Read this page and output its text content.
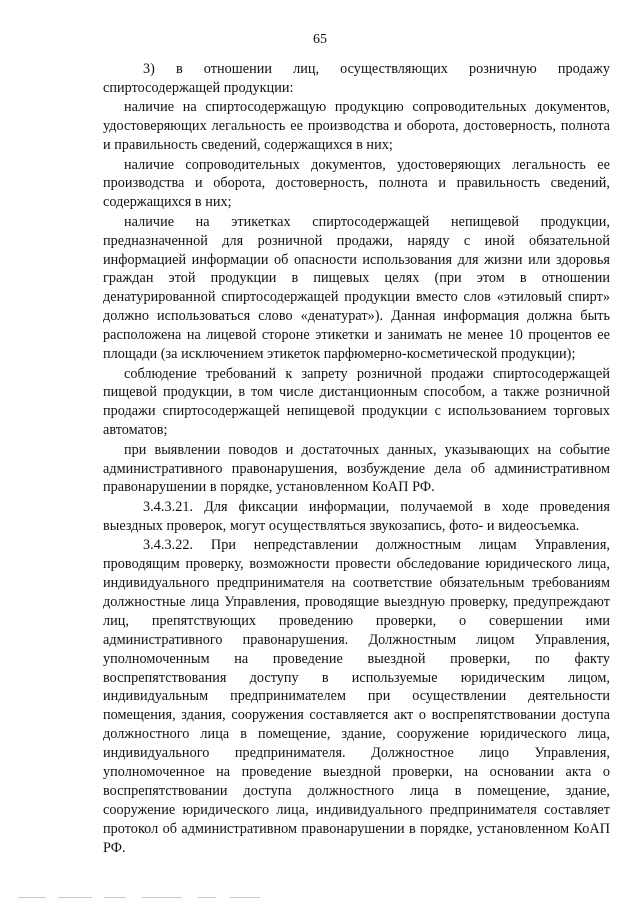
65

3) в отношении лиц, осуществляющих розничную продажу спиртосодержащей продукции:

наличие на спиртосодержащую продукцию сопроводительных документов, удостоверяющих легальность ее производства и оборота, достоверность, полнота и правильность сведений, содержащихся в них;

наличие сопроводительных документов, удостоверяющих легальность ее производства и оборота, достоверность, полнота и правильность сведений, содержащихся в них;

наличие на этикетках спиртосодержащей непищевой продукции, предназначенной для розничной продажи, наряду с иной обязательной информацией информации об опасности использования для жизни или здоровья граждан этой продукции в пищевых целях (при этом в отношении денатурированной спиртосодержащей продукции вместо слов «этиловый спирт» должно использоваться слово «денатурат»). Данная информация должна быть расположена на лицевой стороне этикетки и занимать не менее 10 процентов ее площади (за исключением этикеток парфюмерно-косметической продукции);

соблюдение требований к запрету розничной продажи спиртосодержащей пищевой продукции, в том числе дистанционным способом, а также розничной продажи спиртосодержащей непищевой продукции с использованием торговых автоматов;

при выявлении поводов и достаточных данных, указывающих на событие административного правонарушения, возбуждение дела об административном правонарушении в порядке, установленном КоАП РФ.

3.4.3.21. Для фиксации информации, получаемой в ходе проведения выездных проверок, могут осуществляться звукозапись, фото- и видеосъемка.

3.4.3.22. При непредставлении должностным лицам Управления, проводящим проверку, возможности провести обследование юридического лица, индивидуального предпринимателя на соответствие обязательным требованиям должностные лица Управления, проводящие выездную проверку, предупреждают лиц, препятствующих проведению проверки, о совершении ими административного правонарушения. Должностным лицом Управления, уполномоченным на проведение выездной проверки, по факту воспрепятствования доступу в используемые юридическим лицом, индивидуальным предпринимателем при осуществлении деятельности помещения, здания, сооружения составляется акт о воспрепятствовании доступа должностного лица в помещение, здание, сооружение юридического лица, индивидуального предпринимателя. Должностное лицо Управления, уполномоченное на проведение выездной проверки, на основании акта о воспрепятствовании доступа должностного лица в помещение, здание, сооружение юридического лица, индивидуального предпринимателя составляет протокол об административном правонарушении в порядке, установленном КоАП РФ.
